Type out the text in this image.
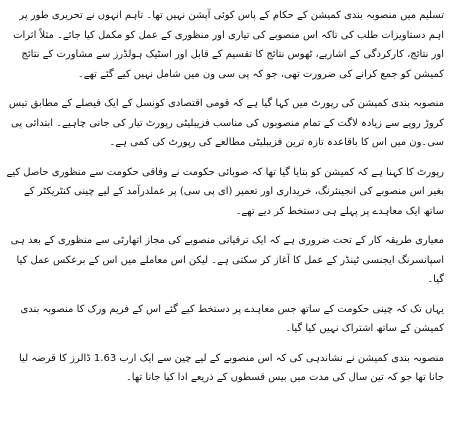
تسلیم میں منصوبہ بندی کمیشن کے حکام کے پاس کوئی آپشن نہیں تھا۔ تاہم انہوں نے تحریری طور پر اہم دستاویزات طلب کی تاکہ اس منصوبے کی تیاری اور منظوری کے عمل کو مکمل کیا جائے۔ مثلاً اثرات اور نتائج، کارکردگی کے اشاریے، ٹھوس نتائج کا تقسیم کے قابل اور اسٹیک ہولڈرز سے مشاورت کے نتائج کمیشن کو جمع کرانے کی ضرورت تھی، جو کہ پی سی ون میں شامل نہیں کیے گئے تھے۔

منصوبہ بندی کمیشن کی رپورٹ میں کہا گیا ہے کہ قومی اقتصادی کونسل کے ایک فیصلے کے مطابق تیس کروڑ روپے سے زیادہ لاگت کے تمام منصوبوں کی مناسب فزیبلیٹی رپورٹ تیار کی جانی چاہیے۔ ابتدائی پی سی۔ون میں اس کا باقاعدہ تازہ ترین فزیبلیٹی مطالعے کی رپورٹ کی کمی ہے۔

رپورٹ کا کہنا ہے کہ کمیشن کو بتایا گیا تھا کہ صوبائی حکومت نے وفاقی حکومت سے منظوری حاصل کیے بغیر اس منصوبے کی انجینئرنگ، خریداری اور تعمیر (ای پی سی) پر عملدرآمد کے لیے چینی کنٹریکٹر کے ساتھ ایک معاہدے پر پہلے ہی دستخط کر دیے تھے۔

معیاری طریقہ کار کے تحت ضروری ہے کہ ایک ترقیاتی منصوبے کی مجاز اتھارٹی سے منظوری کے بعد ہی اسپانسرنگ ایجنسی ٹینڈر کے عمل کا آغاز کر سکتی ہے۔ لیکن اس معاملے میں اس کے برعکس عمل کیا گیا۔

یہاں تک کہ چینی حکومت کے ساتھ جس معاہدے پر دستخط کیے گئے اس کے فریم ورک کا منصوبہ بندی کمیشن کے ساتھ اشتراک نہیں کیا گیا۔

منصوبہ بندی کمیشن نے نشاندہی کی کہ اس منصوبے کے لیے چین سے ایک ارب 1.63 ڈالرز کا قرضہ لیا جانا تھا جو کہ تین سال کی مدت میں بیس قسطوں کے ذریعے ادا کیا جانا تھا۔
